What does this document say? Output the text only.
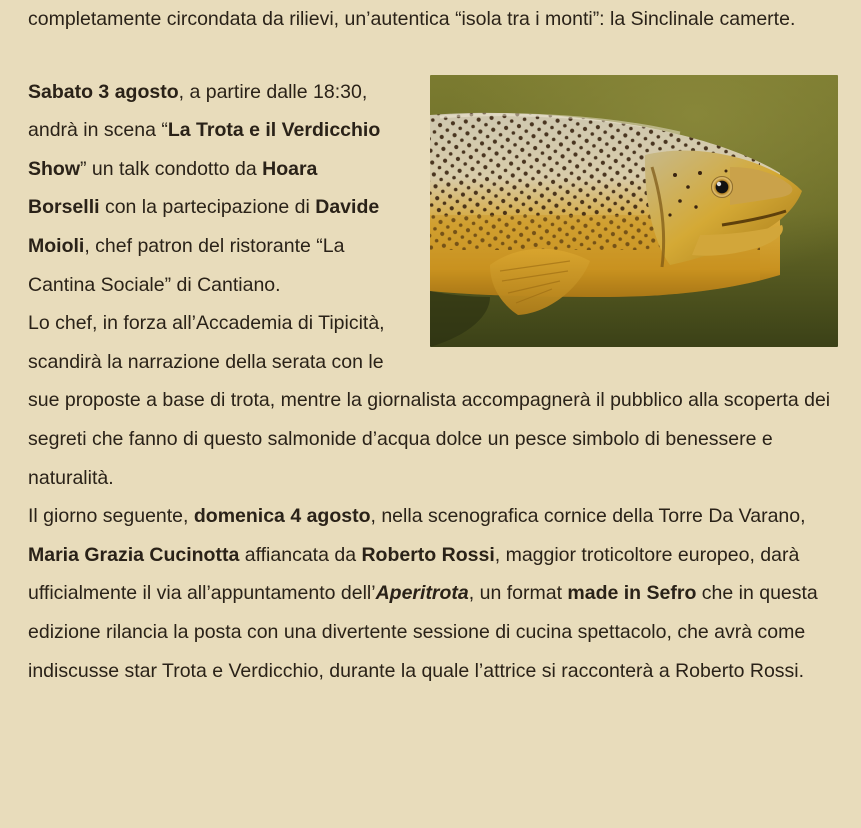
completamente circondata da rilievi, un’autentica “isola tra i monti”: la Sinclinale camerte.

Sabato 3 agosto, a partire dalle 18:30, andrà in scena “La Trota e il Verdicchio Show” un talk condotto da Hoara Borselli con la partecipazione di Davide Moioli, chef patron del ristorante “La Cantina Sociale” di Cantiano.

Lo chef, in forza all’Accademia di Tipicità, scandirà la narrazione della serata con le sue proposte a base di trota, mentre la giornalista accompagnerà il pubblico alla scoperta dei segreti che fanno di questo salmonide d’acqua dolce un pesce simbolo di benessere e naturalità.

Il giorno seguente, domenica 4 agosto, nella scenografica cornice della Torre Da Varano, Maria Grazia Cucinotta affiancata da Roberto Rossi, maggior troticoltore europeo, darà ufficialmente il via all’appuntamento dell’Aperitrota, un format made in Sefro che in questa edizione rilancia la posta con una divertente sessione di cucina spettacolo, che avrà come indiscusse star Trota e Verdicchio, durante la quale l’attrice si racconterà a Roberto Rossi.
